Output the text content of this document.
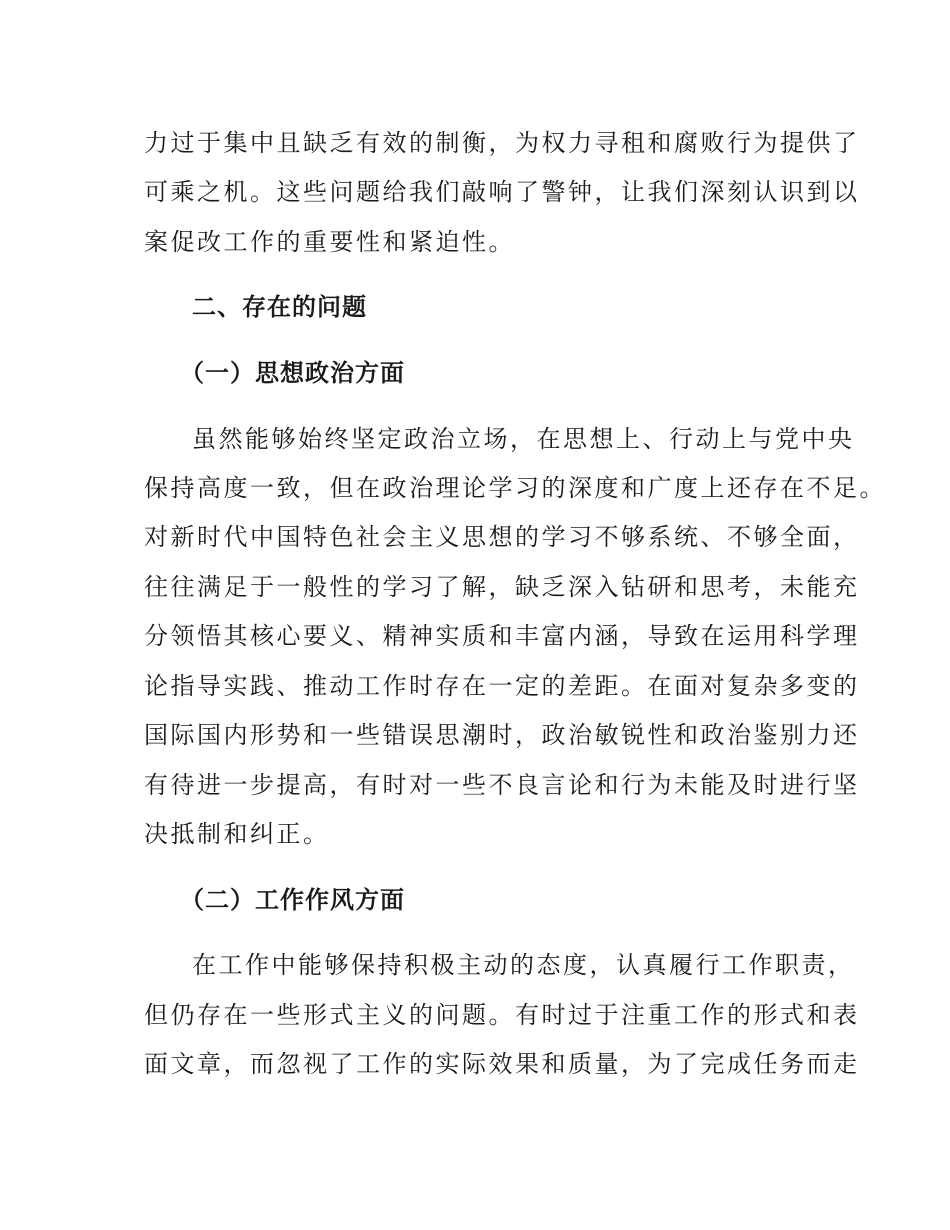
力过于集中且缺乏有效的制衡，为权力寻租和腐败行为提供了
可乘之机。这些问题给我们敲响了警钟，让我们深刻认识到以
案促改工作的重要性和紧迫性。
二、存在的问题
（一）思想政治方面
虽然能够始终坚定政治立场，在思想上、行动上与党中央
保持高度一致，但在政治理论学习的深度和广度上还存在不足。
对新时代中国特色社会主义思想的学习不够系统、不够全面，
往往满足于一般性的学习了解，缺乏深入钻研和思考，未能充
分领悟其核心要义、精神实质和丰富内涵，导致在运用科学理
论指导实践、推动工作时存在一定的差距。在面对复杂多变的
国际国内形势和一些错误思潮时，政治敏锐性和政治鉴别力还
有待进一步提高，有时对一些不良言论和行为未能及时进行坚
决抵制和纠正。
（二）工作作风方面
在工作中能够保持积极主动的态度，认真履行工作职责，
但仍存在一些形式主义的问题。有时过于注重工作的形式和表
面文章，而忽视了工作的实际效果和质量，为了完成任务而走
